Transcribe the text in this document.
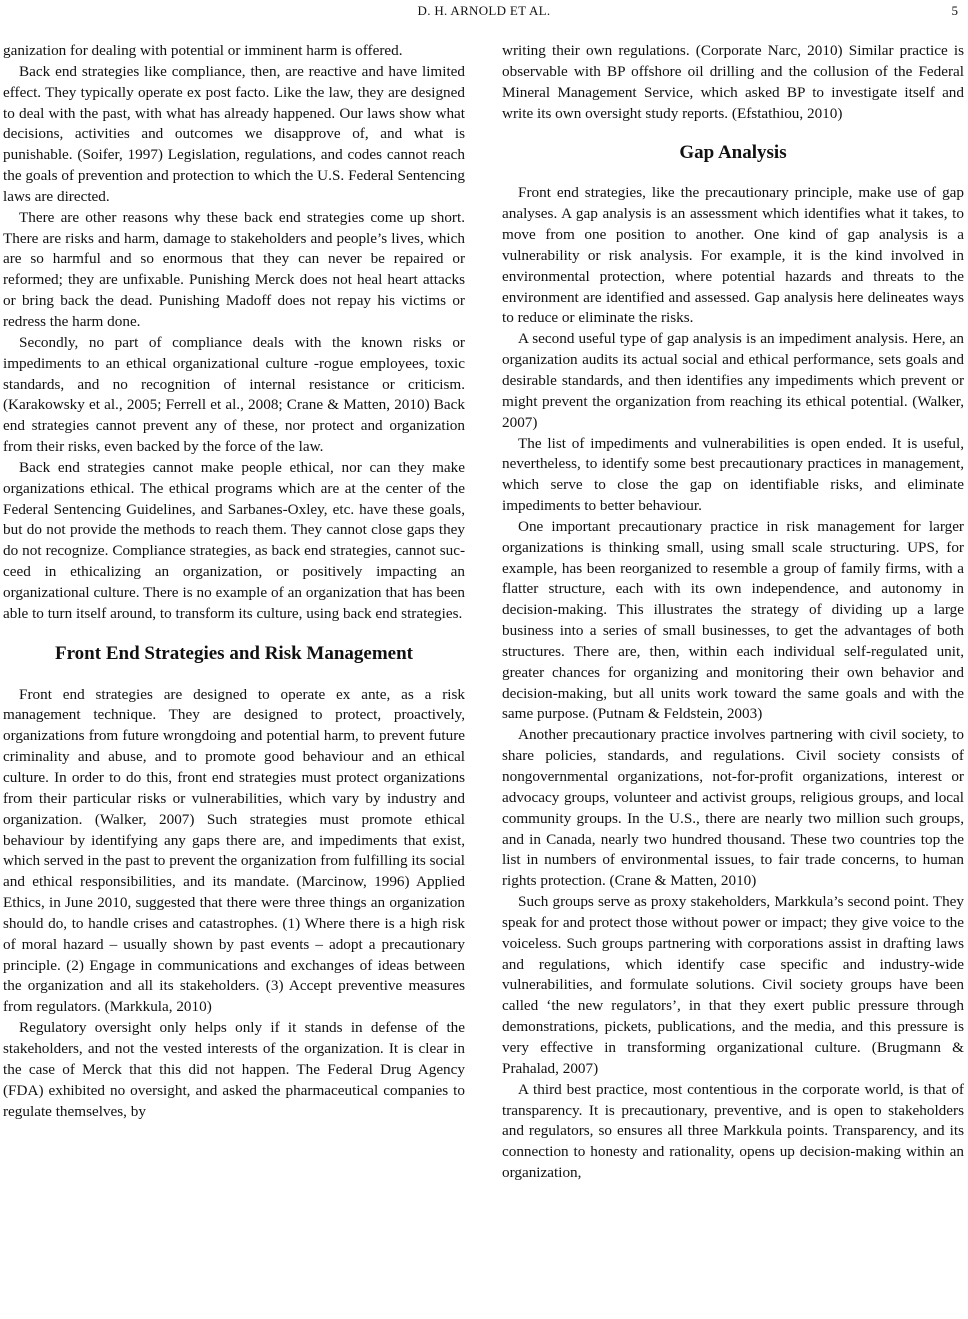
D. H. ARNOLD ET AL.	5

ganization for dealing with potential or imminent harm is offered.

Back end strategies like compliance, then, are reactive and have limited effect. They typically operate ex post facto. Like the law, they are designed to deal with the past, with what has already happened. Our laws show what decisions, activities and outcomes we disapprove of, and what is punishable. (Soifer, 1997) Legislation, regulations, and codes cannot reach the goals of prevention and protection to which the U.S. Federal Sentencing laws are directed.

There are other reasons why these back end strategies come up short. There are risks and harm, damage to stakeholders and people’s lives, which are so harmful and so enormous that they can never be repaired or reformed; they are unfixable. Punishing Merck does not heal heart attacks or bring back the dead. Punishing Madoff does not repay his victims or redress the harm done.

Secondly, no part of compliance deals with the known risks or impediments to an ethical organizational culture -rogue employees, toxic standards, and no recognition of internal resistance or criticism. (Karakowsky et al., 2005; Ferrell et al., 2008; Crane & Matten, 2010) Back end strategies cannot prevent any of these, nor protect and organization from their risks, even backed by the force of the law.

Back end strategies cannot make people ethical, nor can they make organizations ethical. The ethical programs which are at the center of the Federal Sentencing Guidelines, and Sarbanes-Oxley, etc. have these goals, but do not provide the methods to reach them. They cannot close gaps they do not recognize. Compliance strategies, as back end strategies, cannot succeed in ethicalizing an organization, or positively impacting an organizational culture. There is no example of an organization that has been able to turn itself around, to transform its culture, using back end strategies.

Front End Strategies and Risk Management

Front end strategies are designed to operate ex ante, as a risk management technique. They are designed to protect, proactively, organizations from future wrongdoing and potential harm, to prevent future criminality and abuse, and to promote good behaviour and an ethical culture. In order to do this, front end strategies must protect organizations from their particular risks or vulnerabilities, which vary by industry and organization. (Walker, 2007) Such strategies must promote ethical behaviour by identifying any gaps there are, and impediments that exist, which served in the past to prevent the organization from fulfilling its social and ethical responsibilities, and its mandate. (Marcinow, 1996) Applied Ethics, in June 2010, suggested that there were three things an organization should do, to handle crises and catastrophes. (1) Where there is a high risk of moral hazard – usually shown by past events – adopt a precautionary principle. (2) Engage in communications and exchanges of ideas between the organization and all its stakeholders. (3) Accept preventive measures from regulators. (Markkula, 2010)

Regulatory oversight only helps only if it stands in defense of the stakeholders, and not the vested interests of the organization. It is clear in the case of Merck that this did not happen. The Federal Drug Agency (FDA) exhibited no oversight, and asked the pharmaceutical companies to regulate themselves, by

writing their own regulations. (Corporate Narc, 2010) Similar practice is observable with BP offshore oil drilling and the collusion of the Federal Mineral Management Service, which asked BP to investigate itself and write its own oversight study reports. (Efstathiou, 2010)

Gap Analysis

Front end strategies, like the precautionary principle, make use of gap analyses. A gap analysis is an assessment which identifies what it takes, to move from one position to another. One kind of gap analysis is a vulnerability or risk analysis. For example, it is the kind involved in environmental protection, where potential hazards and threats to the environment are identified and assessed. Gap analysis here delineates ways to reduce or eliminate the risks.

A second useful type of gap analysis is an impediment analysis. Here, an organization audits its actual social and ethical performance, sets goals and desirable standards, and then identifies any impediments which prevent or might prevent the organization from reaching its ethical potential. (Walker, 2007)

The list of impediments and vulnerabilities is open ended. It is useful, nevertheless, to identify some best precautionary practices in management, which serve to close the gap on identifiable risks, and eliminate impediments to better behaviour.

One important precautionary practice in risk management for larger organizations is thinking small, using small scale structuring. UPS, for example, has been reorganized to resemble a group of family firms, with a flatter structure, each with its own independence, and autonomy in decision-making. This illustrates the strategy of dividing up a large business into a series of small businesses, to get the advantages of both structures. There are, then, within each individual self-regulated unit, greater chances for organizing and monitoring their own behavior and decision-making, but all units work toward the same goals and with the same purpose. (Putnam & Feldstein, 2003)

Another precautionary practice involves partnering with civil society, to share policies, standards, and regulations. Civil society consists of nongovernmental organizations, not-for-profit organizations, interest or advocacy groups, volunteer and activist groups, religious groups, and local community groups. In the U.S., there are nearly two million such groups, and in Canada, nearly two hundred thousand. These two countries top the list in numbers of environmental issues, to fair trade concerns, to human rights protection. (Crane & Matten, 2010)

Such groups serve as proxy stakeholders, Markkula’s second point. They speak for and protect those without power or impact; they give voice to the voiceless. Such groups partnering with corporations assist in drafting laws and regulations, which identify case specific and industry-wide vulnerabilities, and formulate solutions. Civil society groups have been called ‘the new regulators’, in that they exert public pressure through demonstrations, pickets, publications, and the media, and this pressure is very effective in transforming organizational culture. (Brugmann & Prahalad, 2007)

A third best practice, most contentious in the corporate world, is that of transparency. It is precautionary, preventive, and is open to stakeholders and regulators, so ensures all three Markkula points. Transparency, and its connection to honesty and rationality, opens up decision-making within an organization,
